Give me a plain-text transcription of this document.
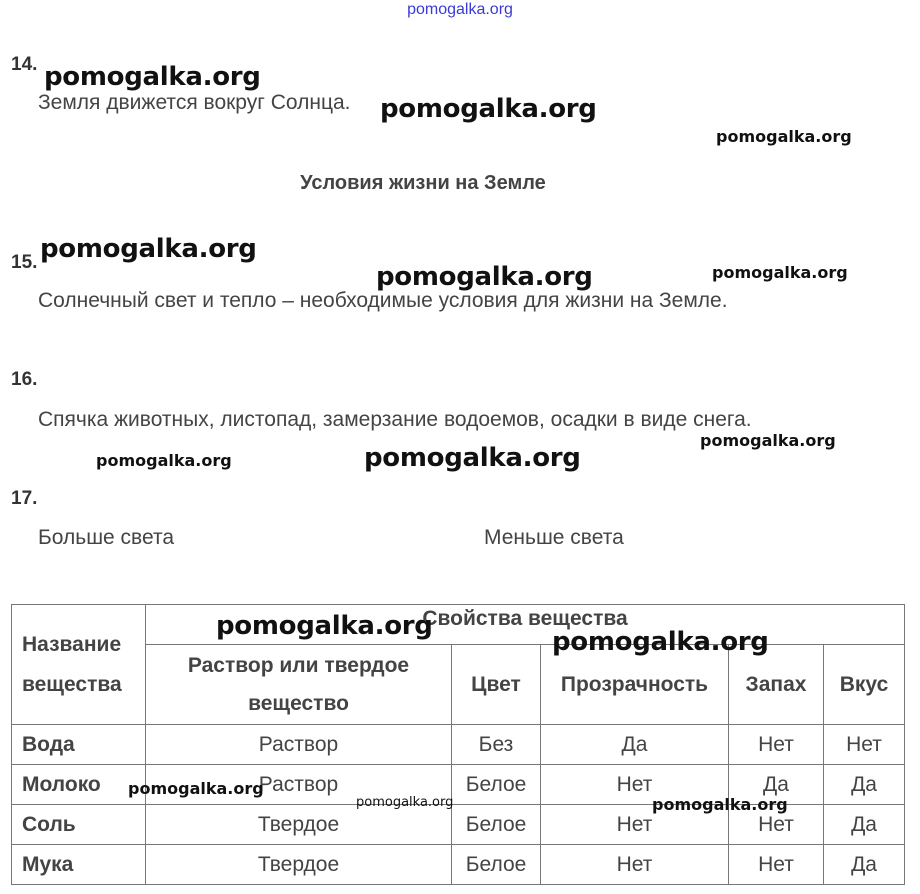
pomogalka.org
14.
Земля движется вокруг Солнца.
Условия жизни на Земле
15.
Солнечный свет и тепло – необходимые условия для жизни на Земле.
16.
Спячка животных, листопад, замерзание водоемов, осадки в виде снега.
17.
Больше света	Меньше света
Название вещества	Свойства вещества				
	Раствор или твердое вещество	Цвет	Прозрачность	Запах	Вкус
Вода	Раствор	Без	Да	Нет	Нет
Молоко	Раствор	Белое	Нет	Да	Да
Соль	Твердое	Белое	Нет	Нет	Да
Мука	Твердое	Белое	Нет	Нет	Да
pomogalka.org
pomogalka.org
pomogalka.org
pomogalka.org
pomogalka.org	pomogalka.org
pomogalka.org
pomogalka.org	pomogalka.org
pomogalka.org
pomogalka.org
pomogalka.org
pomogalka.org	pomogalka.org
